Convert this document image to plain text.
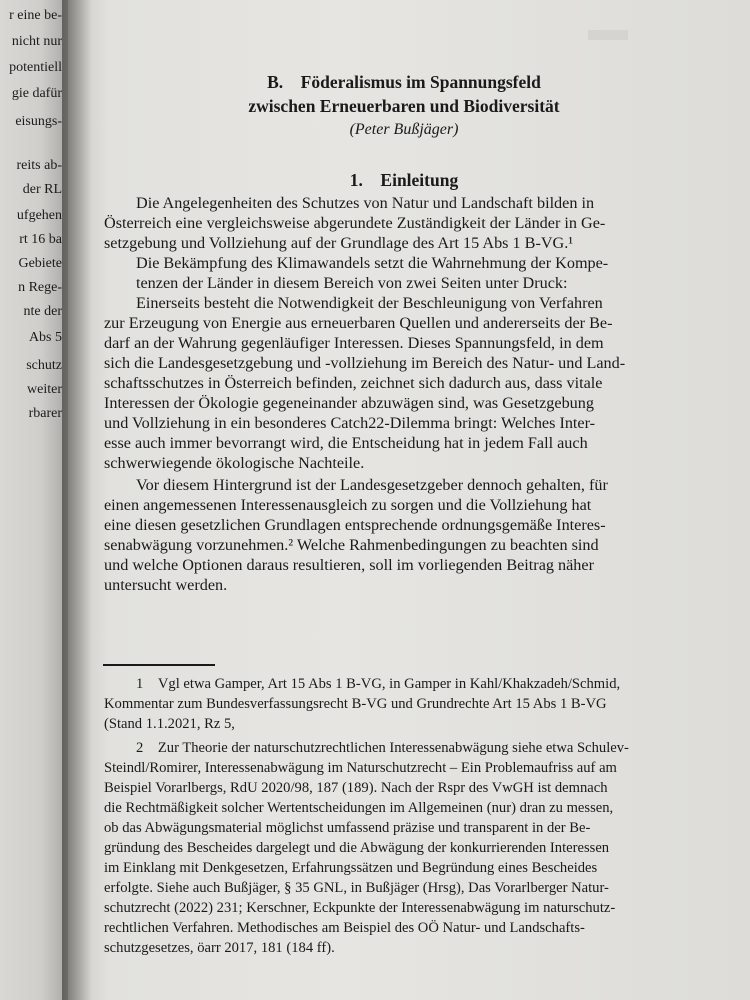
r eine be-
nicht nur
potentiell
gie dafür
eisungs-
reits ab-
der RL
ufgehen
rt 16 ba
Gebiete
n Rege-
nte der
Abs 5
schutz
weiter
rbarer
B. Föderalismus im Spannungsfeld
zwischen Erneuerbaren und Biodiversität
(Peter Bußjäger)
1. Einleitung
Die Angelegenheiten des Schutzes von Natur und Landschaft bilden in
Österreich eine vergleichsweise abgerundete Zuständigkeit der Länder in Ge-
setzgebung und Vollziehung auf der Grundlage des Art 15 Abs 1 B-VG.¹
Die Bekämpfung des Klimawandels setzt die Wahrnehmung der Kompe-
tenzen der Länder in diesem Bereich von zwei Seiten unter Druck:
Einerseits besteht die Notwendigkeit der Beschleunigung von Verfahren
zur Erzeugung von Energie aus erneuerbaren Quellen und andererseits der Be-
darf an der Wahrung gegenläufiger Interessen. Dieses Spannungsfeld, in dem
sich die Landesgesetzgebung und -vollziehung im Bereich des Natur- und Land-
schaftsschutzes in Österreich befinden, zeichnet sich dadurch aus, dass vitale
Interessen der Ökologie gegeneinander abzuwägen sind, was Gesetzgebung
und Vollziehung in ein besonderes Catch22-Dilemma bringt: Welches Inter-
esse auch immer bevorrangt wird, die Entscheidung hat in jedem Fall auch
schwerwiegende ökologische Nachteile.
Vor diesem Hintergrund ist der Landesgesetzgeber dennoch gehalten, für
einen angemessenen Interessenausgleich zu sorgen und die Vollziehung hat
eine diesen gesetzlichen Grundlagen entsprechende ordnungsgemäße Interes-
senabwägung vorzunehmen.² Welche Rahmenbedingungen zu beachten sind
und welche Optionen daraus resultieren, soll im vorliegenden Beitrag näher
untersucht werden.
1 Vgl etwa Gamper, Art 15 Abs 1 B-VG, in Gamper in Kahl/Khakzadeh/Schmid,
Kommentar zum Bundesverfassungsrecht B-VG und Grundrechte Art 15 Abs 1 B-VG
(Stand 1.1.2021, Rz 5,
2 Zur Theorie der naturschutzrechtlichen Interessenabwägung siehe etwa Schulev-
Steindl/Romirer, Interessenabwägung im Naturschutzrecht – Ein Problemaufriss auf am
Beispiel Vorarlbergs, RdU 2020/98, 187 (189). Nach der Rspr des VwGH ist demnach
die Rechtmäßigkeit solcher Wertentscheidungen im Allgemeinen (nur) dran zu messen,
ob das Abwägungsmaterial möglichst umfassend präzise und transparent in der Be-
gründung des Bescheides dargelegt und die Abwägung der konkurrierenden Interessen
im Einklang mit Denkgesetzen, Erfahrungssätzen und Begründung eines Bescheides
erfolgte. Siehe auch Bußjäger, § 35 GNL, in Bußjäger (Hrsg), Das Vorarlberger Natur-
schutzrecht (2022) 231; Kerschner, Eckpunkte der Interessenabwägung im naturschutz-
rechtlichen Verfahren. Methodisches am Beispiel des OÖ Natur- und Landschafts-
schutzgesetzes, öarr 2017, 181 (184 ff).
